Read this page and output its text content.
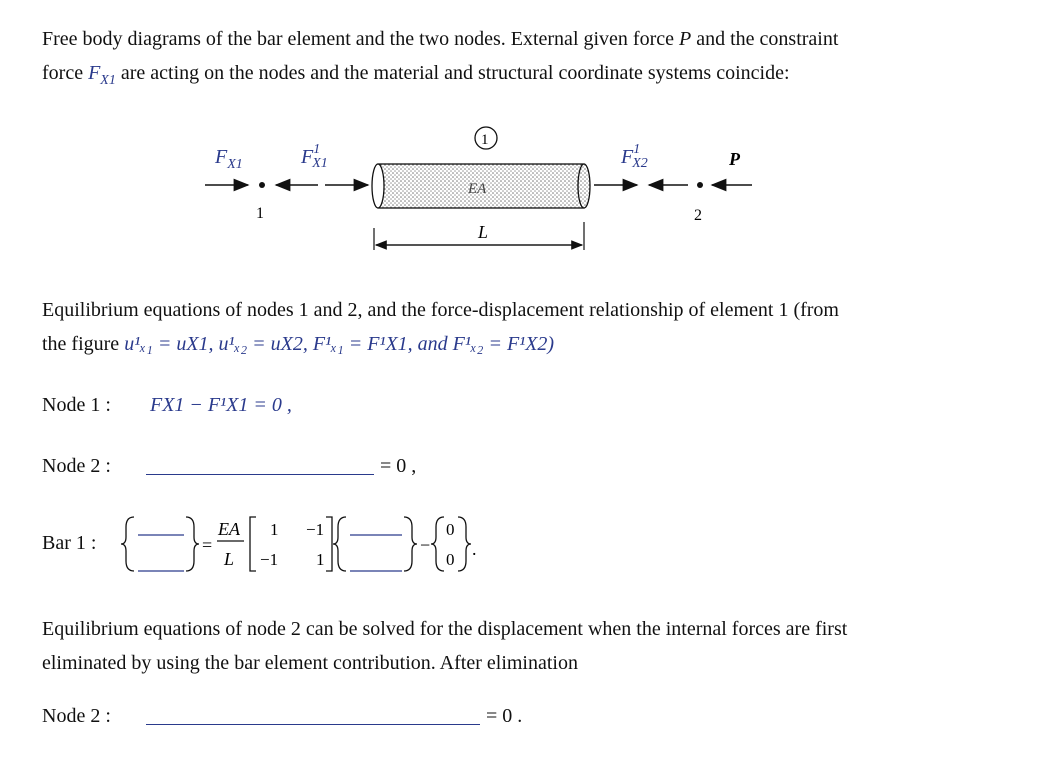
Free body diagrams of the bar element and the two nodes. External given force P and the constraint
force $F_{X1}$ are acting on the nodes and the material and structural coordinate systems coincide:
$F_{X1}$	$F^1$ X1	$F^1$ X2	P
1
EA
1
2
L
Equilibrium equations of nodes 1 and 2, and the force-displacement relationship of element 1 (from
the figure u¹ₓ₁ = uX1, u¹ₓ₂ = uX2, F¹ₓ₁ = F¹X1, and F¹ₓ₂ = F¹X2)
Node 1 : FX1 − F¹X1 = 0 ,
Node 2 :	= 0 ,
Bar 1 :	=
EA
L
1 −1
−1 1
−
0
0
.
Equilibrium equations of node 2 can be solved for the displacement when the internal forces are first
eliminated by using the bar element contribution. After elimination
Node 2 :	= 0 .
